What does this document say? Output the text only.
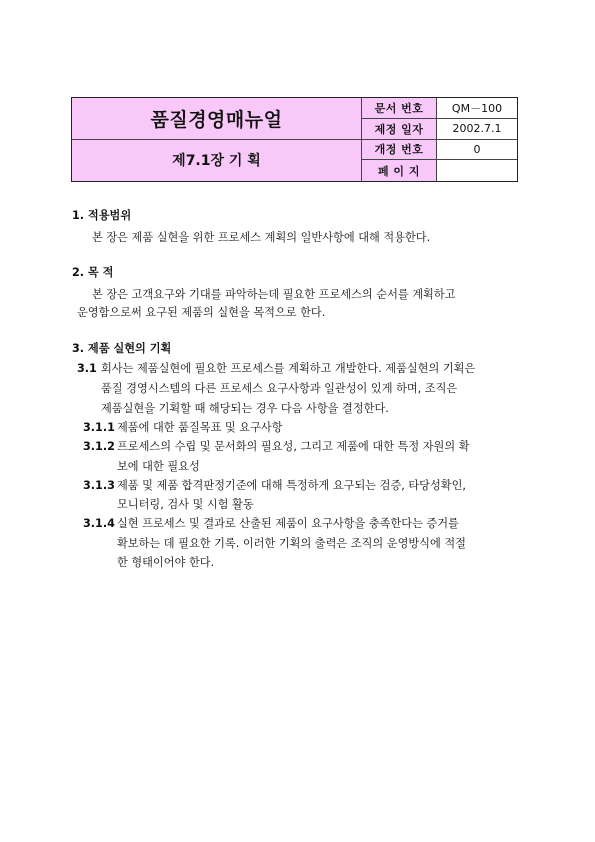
품질경영매뉴얼
문서 번호	QM－100
제정 일자	2002.7.1
제7.1장 기 획
개정 번호	0
페 이 지
1. 적용범위
본 장은 제품 실현을 위한 프로세스 계획의 일반사항에 대해 적용한다.
2. 목 적
본 장은 고객요구와 기대를 파악하는데 필요한 프로세스의 순서를 계획하고
운영함으로써 요구된 제품의 실현을 목적으로 한다.
3. 제품 실현의 기획
3.1 회사는 제품실현에 필요한 프로세스를 계획하고 개발한다. 제품실현의 기획은
품질 경영시스템의 다른 프로세스 요구사항과 일관성이 있게 하며, 조직은
제품실현을 기획할 때 해당되는 경우 다음 사항을 결정한다.
3.1.1 제품에 대한 품질목표 및 요구사항
3.1.2 프로세스의 수립 및 문서화의 필요성, 그리고 제품에 대한 특정 자원의 확
보에 대한 필요성
3.1.3 제품 및 제품 합격판정기준에 대해 특정하게 요구되는 검증, 타당성확인,
모니터링, 검사 및 시험 활동
3.1.4 실현 프로세스 및 결과로 산출된 제품이 요구사항을 충족한다는 증거를
확보하는 데 필요한 기록. 이러한 기획의 출력은 조직의 운영방식에 적절
한 형태이어야 한다.
